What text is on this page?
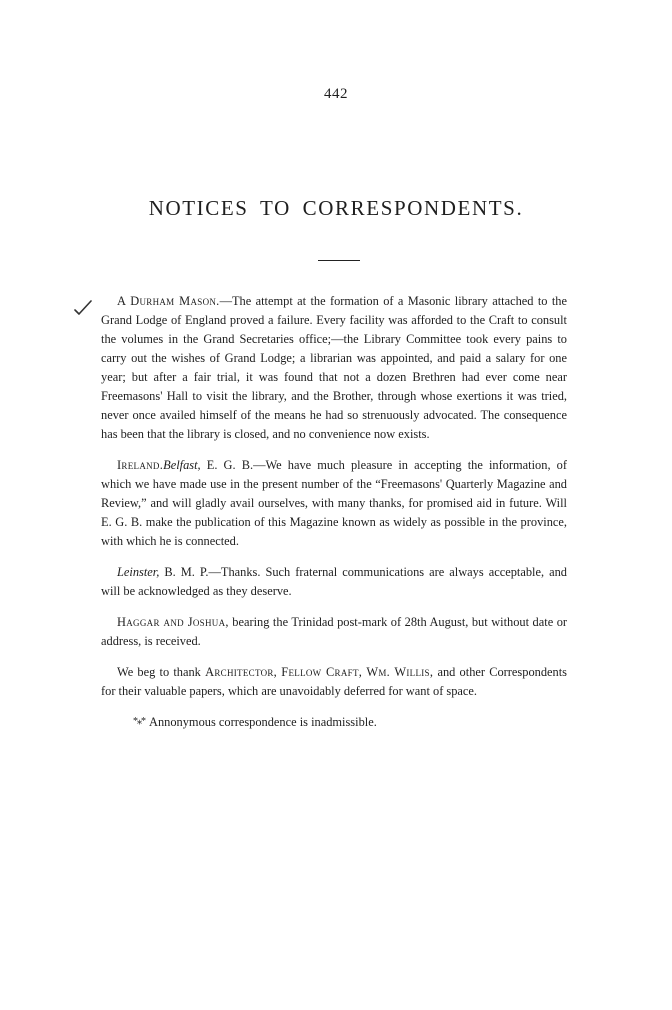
442
NOTICES TO CORRESPONDENTS.

A Durham Mason.—The attempt at the formation of a Masonic library attached to the Grand Lodge of England proved a failure. Every facility was afforded to the Craft to consult the volumes in the Grand Secretaries office;—the Library Committee took every pains to carry out the wishes of Grand Lodge; a librarian was appointed, and paid a salary for one year; but after a fair trial, it was found that not a dozen Brethren had ever come near Freemasons' Hall to visit the library, and the Brother, through whose exertions it was tried, never once availed himself of the means he had so strenuously advocated. The consequence has been that the library is closed, and no convenience now exists.

Ireland.Belfast, E. G. B.—We have much pleasure in accepting the information, of which we have made use in the present number of the “Freemasons' Quarterly Magazine and Review,” and will gladly avail ourselves, with many thanks, for promised aid in future. Will E. G. B. make the publication of this Magazine known as widely as possible in the province, with which he is connected.

Leinster, B. M. P.—Thanks. Such fraternal communications are always acceptable, and will be acknowledged as they deserve.

Haggar and Joshua, bearing the Trinidad post-mark of 28th August, but without date or address, is received.

We beg to thank Architector, Fellow Craft, Wm. Willis, and other Correspondents for their valuable papers, which are unavoidably deferred for want of space.

*⁎* Annonymous correspondence is inadmissible.
